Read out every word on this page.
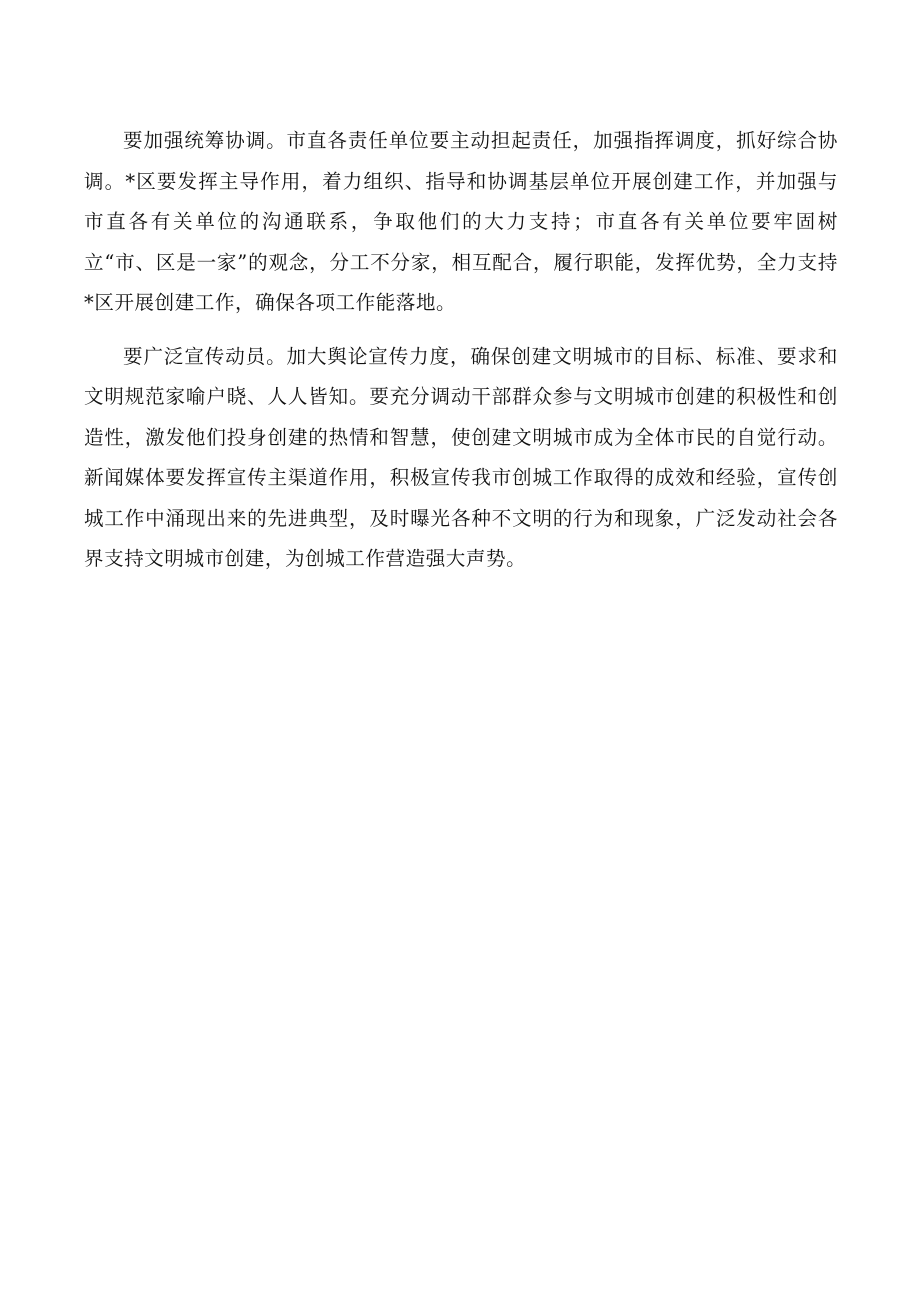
要加强统筹协调。市直各责任单位要主动担起责任，加强指挥调度，抓好综合协调。*区要发挥主导作用，着力组织、指导和协调基层单位开展创建工作，并加强与市直各有关单位的沟通联系，争取他们的大力支持；市直各有关单位要牢固树立“市、区是一家”的观念，分工不分家，相互配合，履行职能，发挥优势，全力支持*区开展创建工作，确保各项工作能落地。

要广泛宣传动员。加大舆论宣传力度，确保创建文明城市的目标、标准、要求和文明规范家喻户晓、人人皆知。要充分调动干部群众参与文明城市创建的积极性和创造性，激发他们投身创建的热情和智慧，使创建文明城市成为全体市民的自觉行动。新闻媒体要发挥宣传主渠道作用，积极宣传我市创城工作取得的成效和经验，宣传创城工作中涌现出来的先进典型，及时曝光各种不文明的行为和现象，广泛发动社会各界支持文明城市创建，为创城工作营造强大声势。
